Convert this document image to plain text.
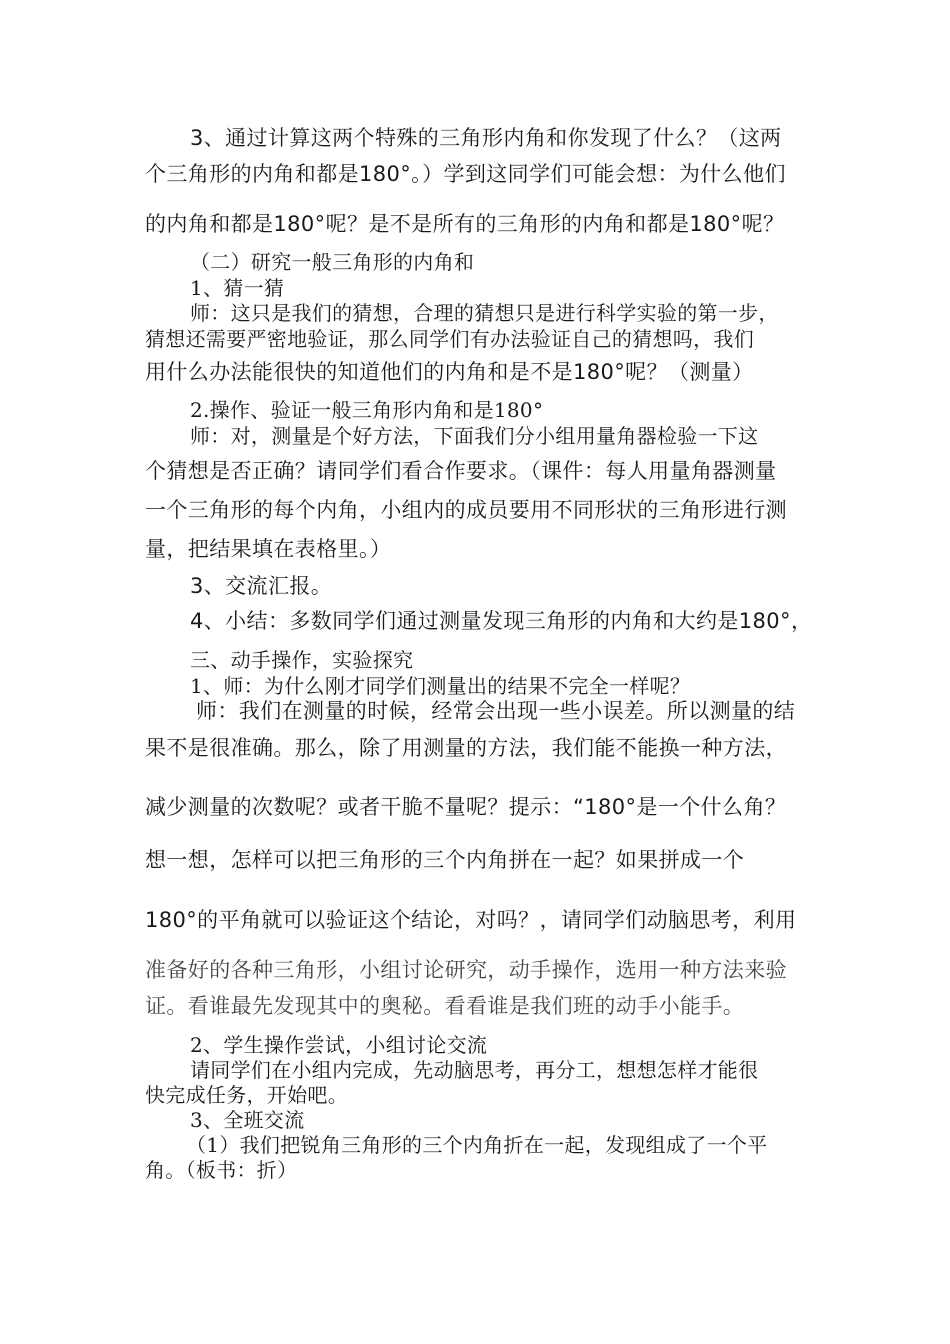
3、通过计算这两个特殊的三角形内角和你发现了什么？（这两
个三角形的内角和都是180°。）学到这同学们可能会想：为什么他们
的内角和都是180°呢？是不是所有的三角形的内角和都是180°呢？
（二）研究一般三角形的内角和
1、猜一猜
师：这只是我们的猜想，合理的猜想只是进行科学实验的第一步，
猜想还需要严密地验证，那么同学们有办法验证自己的猜想吗，我们
用什么办法能很快的知道他们的内角和是不是180°呢？（测量）
2.操作、验证一般三角形内角和是180°
师：对，测量是个好方法，下面我们分小组用量角器检验一下这
个猜想是否正确？请同学们看合作要求。（课件：每人用量角器测量
一个三角形的每个内角，小组内的成员要用不同形状的三角形进行测
量，把结果填在表格里。）
3、交流汇报。
4、小结：多数同学们通过测量发现三角形的内角和大约是180°，
三、动手操作，实验探究
1、师：为什么刚才同学们测量出的结果不完全一样呢？
师：我们在测量的时候，经常会出现一些小误差。所以测量的结
果不是很准确。那么，除了用测量的方法，我们能不能换一种方法，
减少测量的次数呢？或者干脆不量呢？提示：“180°是一个什么角？
想一想，怎样可以把三角形的三个内角拼在一起？如果拼成一个
180°的平角就可以验证这个结论，对吗？，请同学们动脑思考，利用
准备好的各种三角形，小组讨论研究，动手操作，选用一种方法来验
证。看谁最先发现其中的奥秘。看看谁是我们班的动手小能手。
2、学生操作尝试，小组讨论交流
请同学们在小组内完成，先动脑思考，再分工，想想怎样才能很
快完成任务，开始吧。
3、全班交流
（1）我们把锐角三角形的三个内角折在一起，发现组成了一个平
角。（板书：折）
